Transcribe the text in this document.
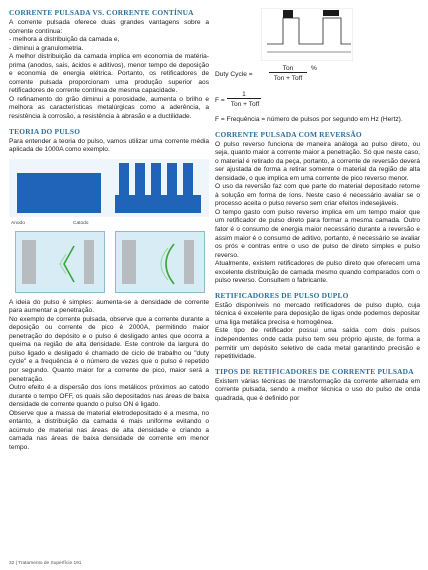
CORRENTE PULSADA VS. CORRENTE CONTÍNUA

A corrente pulsada oferece duas grandes vantagens sobre a corrente contínua:

- melhora a distribuição da camada e,

- diminui a granulometria.

A melhor distribuição da camada implica em economia de matéria-prima (anodos, sais, ácidos e aditivos), menor tempo de deposição e economia de energia elétrica. Portanto, os retificadores de corrente pulsada proporcionam uma produção superior aos retificadores de corrente contínua de mesma capacidade.

O refinamento do grão diminui a porosidade, aumenta o brilho e melhora as características metalúrgicas como a aderência, a resistência à corrosão, a resistência à abrasão e a ductilidade.

TEORIA DO PULSO

Para entender a teoria do pulso, vamos utilizar uma corrente média aplicada de 1000A como exemplo.

Anodo	Catodo

A ideia do pulso é simples: aumenta-se a densidade de corrente para aumentar a penetração.

No exemplo de corrente pulsada, observe que a corrente durante a deposição ou corrente de pico é 2000A, permitindo maior penetração do depósito e o pulso é desligado antes que ocorra a queima na região de alta densidade. Este controle da largura do pulso ligado e desligado é chamado de ciclo de trabalho ou "duty cycle" e a frequência é o número de vezes que o pulso é repetido por segundo. Quanto maior for a corrente de pico, maior será a penetração.

Outro efeito é a dispersão dos íons metálicos próximos ao catodo durante o tempo OFF, os quais são depositados nas áreas de baixa densidade de corrente quando o pulso ON é ligado.

Observe que a massa de material eletrodepositado é a mesma, no entanto, a distribuição da camada é mais uniforme evitando o acúmulo de material nas áreas de alta densidade e criando a camada nas áreas de baixa densidade de corrente em menor tempo.

Duty Cycle =
Ton	%
Ton + Toff
F =
1
Ton + Toff

F = Frequência = número de pulsos por segundo em Hz (Hertz).

CORRENTE PULSADA COM REVERSÃO

O pulso reverso funciona de maneira análoga ao pulso direto, ou seja, quanto maior a corrente maior a penetração. Só que neste caso, o material é retirado da peça, portanto, a corrente de reversão deverá ser ajustada de forma a retirar somente o material da região de alta densidade, o que implica em uma corrente de pico reverso menor.

O uso da reversão faz com que parte do material depositado retorne à solução em forma de íons. Neste caso é necessário avaliar se o processo aceita o pulso reverso sem criar efeitos indesejáveis.

O tempo gasto com pulso reverso implica em um tempo maior que um retificador de pulso direto para formar a mesma camada. Outro fator é o consumo de energia maior necessário durante a reversão e assim maior é o consumo de aditivo, portanto, é necessário se avaliar os prós e contras entre o uso de pulso de direto simples e pulso reverso.

Atualmente, existem retificadores de pulso direto que oferecem uma excelente distribuição de camada mesmo quando comparados com o pulso reverso. Consultem o fabricante.

RETIFICADORES DE PULSO DUPLO

Estão disponíveis no mercado retificadores de pulso duplo, cuja técnica é excelente para deposição de ligas onde podemos depositar uma liga metálica precisa e homogênea.

Este tipo de retificador possui uma saída com dois pulsos independentes onde cada pulso tem seu próprio ajuste, de forma a permitir um depósito seletivo de cada metal garantindo precisão e repetitividade.

TIPOS DE RETIFICADORES DE CORRENTE PULSADA

Existem várias técnicas de transformação da corrente alternada em corrente pulsada, sendo a melhor técnica o uso do pulso de onda quadrada, que é definido por

32 | Tratamento de Superfície 191
